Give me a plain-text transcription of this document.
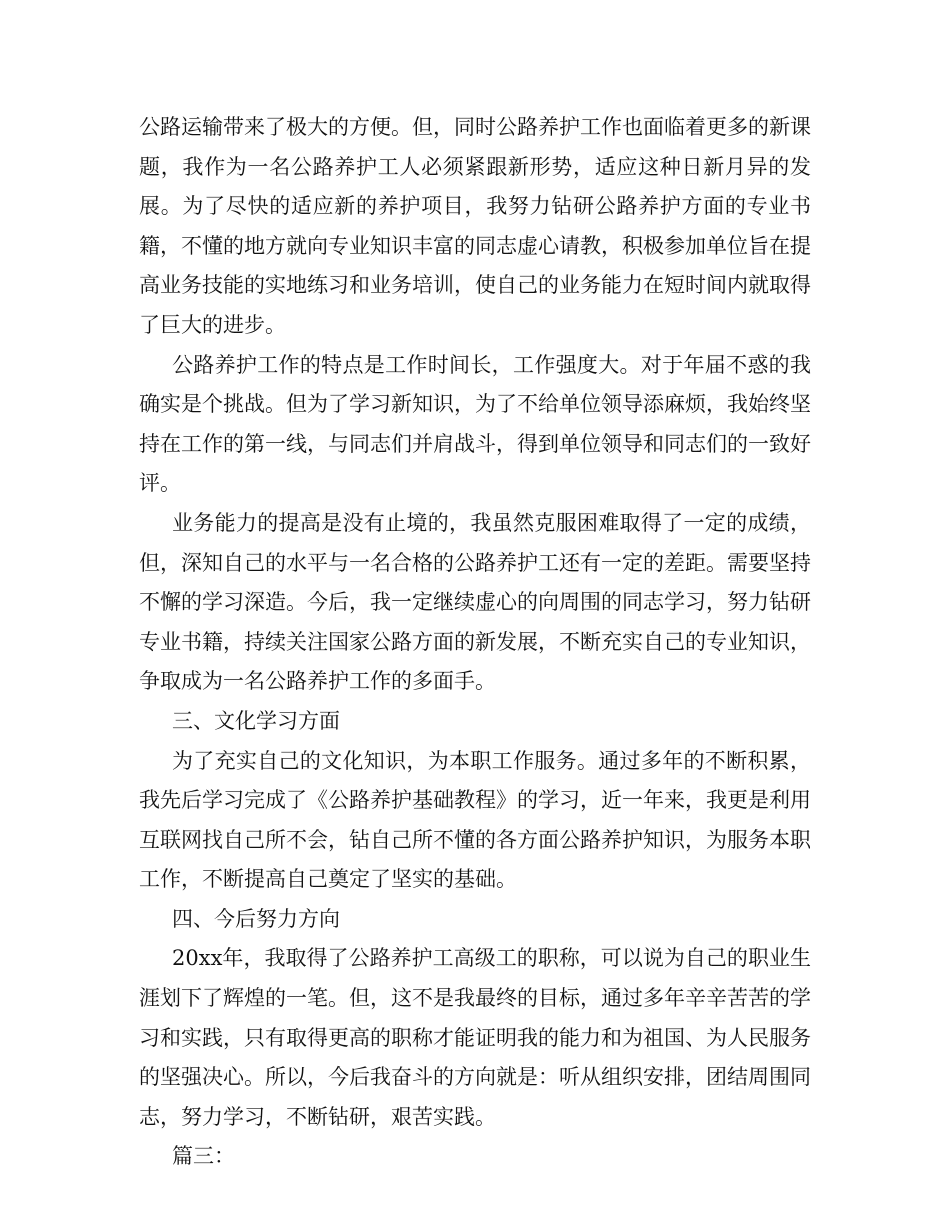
公路运输带来了极大的方便。但，同时公路养护工作也面临着更多的新课题，我作为一名公路养护工人必须紧跟新形势，适应这种日新月异的发展。为了尽快的适应新的养护项目，我努力钻研公路养护方面的专业书籍，不懂的地方就向专业知识丰富的同志虚心请教，积极参加单位旨在提高业务技能的实地练习和业务培训，使自己的业务能力在短时间内就取得了巨大的进步。

公路养护工作的特点是工作时间长，工作强度大。对于年届不惑的我确实是个挑战。但为了学习新知识，为了不给单位领导添麻烦，我始终坚持在工作的第一线，与同志们并肩战斗，得到单位领导和同志们的一致好评。

业务能力的提高是没有止境的，我虽然克服困难取得了一定的成绩，但，深知自己的水平与一名合格的公路养护工还有一定的差距。需要坚持不懈的学习深造。今后，我一定继续虚心的向周围的同志学习，努力钻研专业书籍，持续关注国家公路方面的新发展，不断充实自己的专业知识，争取成为一名公路养护工作的多面手。

三、文化学习方面

为了充实自己的文化知识，为本职工作服务。通过多年的不断积累，我先后学习完成了《公路养护基础教程》的学习，近一年来，我更是利用互联网找自己所不会，钻自己所不懂的各方面公路养护知识，为服务本职工作，不断提高自己奠定了坚实的基础。

四、今后努力方向

20xx年，我取得了公路养护工高级工的职称，可以说为自己的职业生涯划下了辉煌的一笔。但，这不是我最终的目标，通过多年辛辛苦苦的学习和实践，只有取得更高的职称才能证明我的能力和为祖国、为人民服务的坚强决心。所以，今后我奋斗的方向就是：听从组织安排，团结周围同志，努力学习，不断钻研，艰苦实践。

篇三：
